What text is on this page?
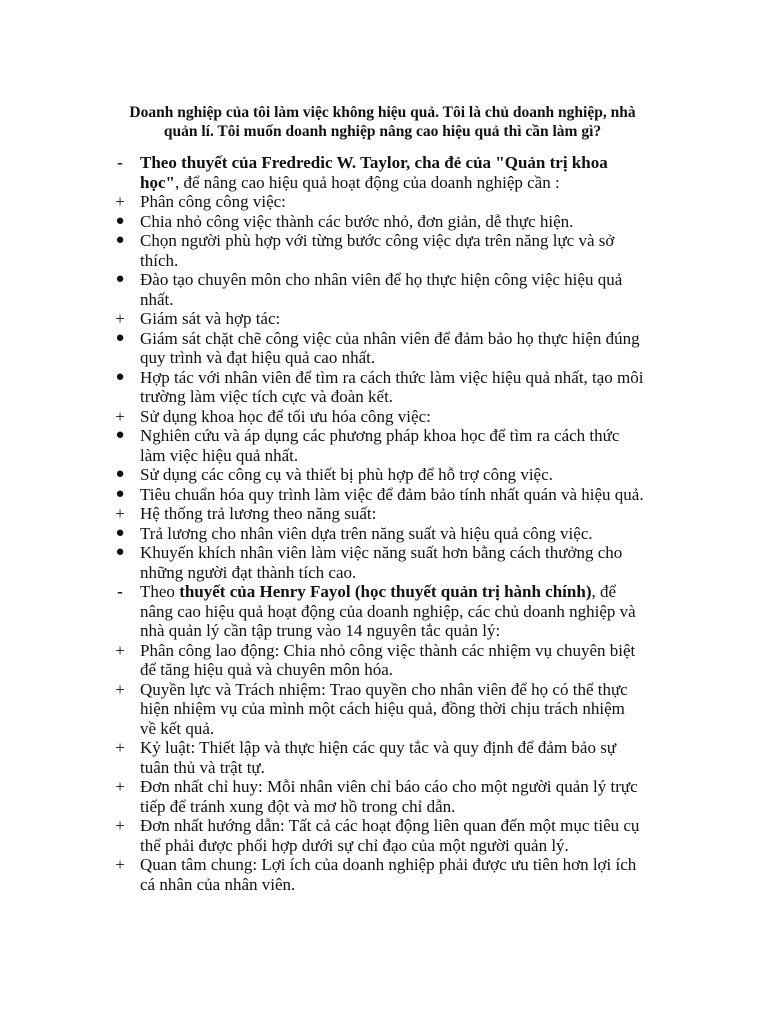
Doanh nghiệp của tôi làm việc không hiệu quả. Tôi là chủ doanh nghiệp, nhà
quản lí. Tôi muốn doanh nghiệp nâng cao hiệu quả thì cần làm gì?
-	Theo thuyết của Fredredic W. Taylor, cha đẻ của "Quản trị khoa
học", để nâng cao hiệu quả hoạt động của doanh nghiệp cần :
+ Phân công công việc:
● Chia nhỏ công việc thành các bước nhỏ, đơn giản, dễ thực hiện.
● Chọn người phù hợp với từng bước công việc dựa trên năng lực và sở
thích.
● Đào tạo chuyên môn cho nhân viên để họ thực hiện công việc hiệu quả
nhất.
+ Giám sát và hợp tác:
● Giám sát chặt chẽ công việc của nhân viên để đảm bảo họ thực hiện đúng
quy trình và đạt hiệu quả cao nhất.
● Hợp tác với nhân viên để tìm ra cách thức làm việc hiệu quả nhất, tạo môi
trường làm việc tích cực và đoàn kết.
+ Sử dụng khoa học để tối ưu hóa công việc:
● Nghiên cứu và áp dụng các phương pháp khoa học để tìm ra cách thức
làm việc hiệu quả nhất.
● Sử dụng các công cụ và thiết bị phù hợp để hỗ trợ công việc.
● Tiêu chuẩn hóa quy trình làm việc để đảm bảo tính nhất quán và hiệu quả.
+ Hệ thống trả lương theo năng suất:
● Trả lương cho nhân viên dựa trên năng suất và hiệu quả công việc.
● Khuyến khích nhân viên làm việc năng suất hơn bằng cách thưởng cho
những người đạt thành tích cao.
-	Theo thuyết của Henry Fayol (học thuyết quản trị hành chính), để
nâng cao hiệu quả hoạt động của doanh nghiệp, các chủ doanh nghiệp và
nhà quản lý cần tập trung vào 14 nguyên tắc quản lý:
+ Phân công lao động: Chia nhỏ công việc thành các nhiệm vụ chuyên biệt
để tăng hiệu quả và chuyên môn hóa.
+ Quyền lực và Trách nhiệm: Trao quyền cho nhân viên để họ có thể thực
hiện nhiệm vụ của mình một cách hiệu quả, đồng thời chịu trách nhiệm
về kết quả.
+ Kỷ luật: Thiết lập và thực hiện các quy tắc và quy định để đảm bảo sự
tuân thủ và trật tự.
+ Đơn nhất chỉ huy: Mỗi nhân viên chỉ báo cáo cho một người quản lý trực
tiếp để tránh xung đột và mơ hồ trong chỉ dẫn.
+ Đơn nhất hướng dẫn: Tất cả các hoạt động liên quan đến một mục tiêu cụ
thể phải được phối hợp dưới sự chỉ đạo của một người quản lý.
+ Quan tâm chung: Lợi ích của doanh nghiệp phải được ưu tiên hơn lợi ích
cá nhân của nhân viên.
